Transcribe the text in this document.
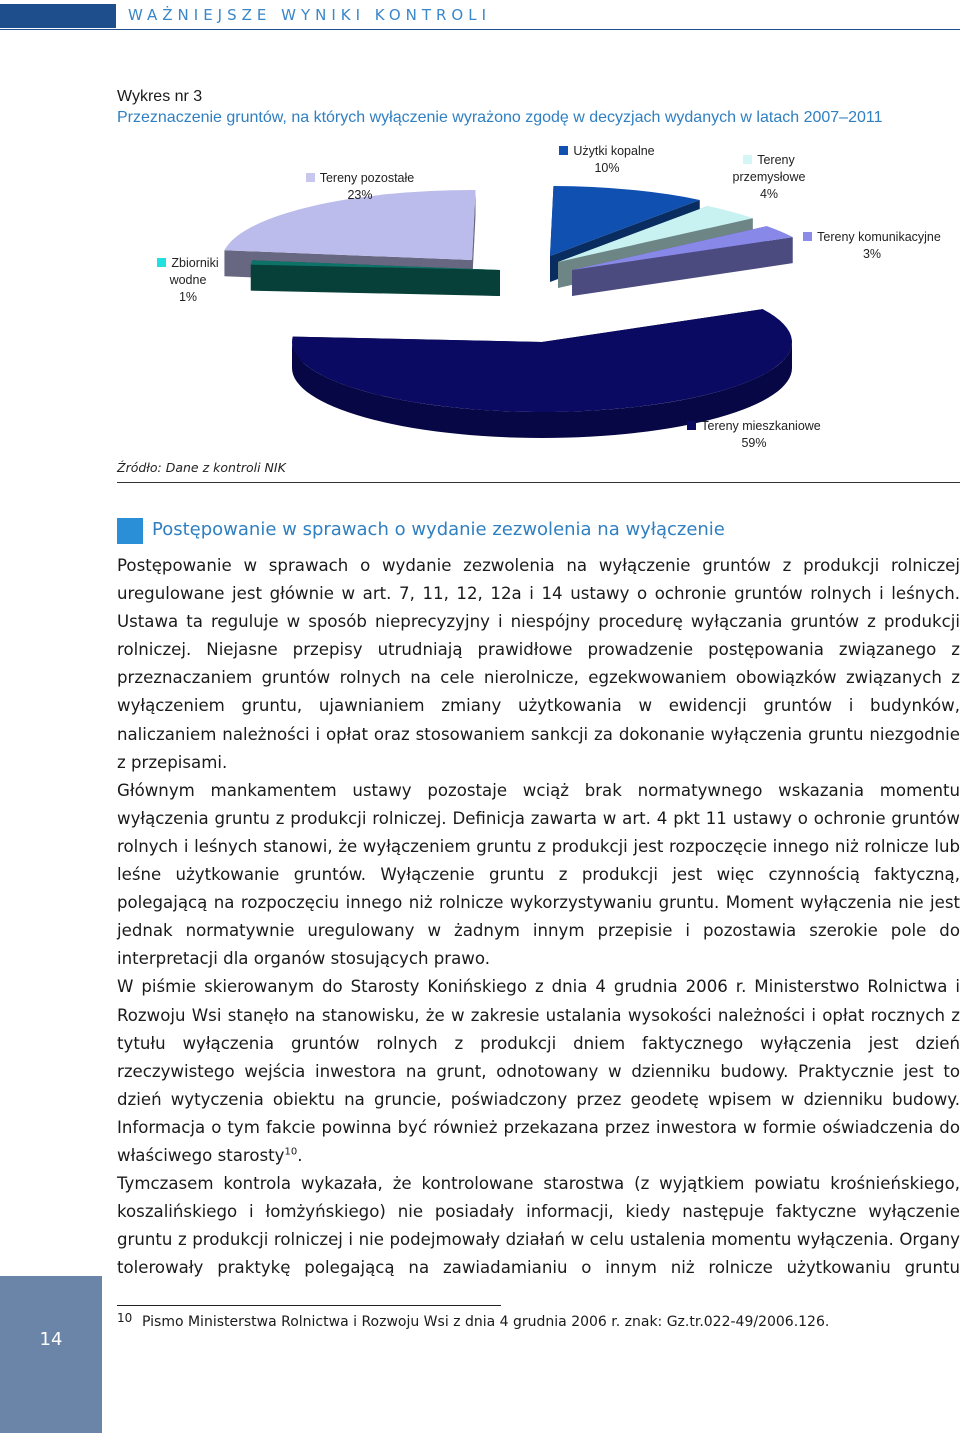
WAŻNIEJSZE WYNIKI KONTROLI
Wykres nr 3
Przeznaczenie gruntów, na których wyłączenie wyrażono zgodę w decyzjach wydanych w latach 2007–2011
Tereny pozostałe
23%
Użytki kopalne
10%
Tereny
przemysłowe
4%
Tereny komunikacyjne
3%
Zbiorniki
wodne
1%
Tereny mieszkaniowe
59%
Źródło: Dane z kontroli NIK
Postępowanie w sprawach o wydanie zezwolenia na wyłączenie

Postępowanie w sprawach o wydanie zezwolenia na wyłączenie gruntów z produkcji rolniczej uregulowane jest głównie w art. 7, 11, 12, 12a i 14 ustawy o ochronie gruntów rolnych i leśnych. Ustawa ta reguluje w sposób nieprecyzyjny i niespójny procedurę wyłączania gruntów z produkcji rolniczej. Niejasne przepisy utrudniają prawidłowe prowadzenie postępowania związanego z przeznaczaniem gruntów rolnych na cele nierolnicze, egzekwowaniem obowiązków związanych z wyłączeniem gruntu, ujawnianiem zmiany użytkowania w ewidencji gruntów i budynków, naliczaniem należności i opłat oraz stosowaniem sankcji za dokonanie wyłączenia gruntu niezgodnie z przepisami.

Głównym mankamentem ustawy pozostaje wciąż brak normatywnego wskazania momentu wyłączenia gruntu z produkcji rolniczej. Definicja zawarta w art. 4 pkt 11 ustawy o ochronie gruntów rolnych i leśnych stanowi, że wyłączeniem gruntu z produkcji jest rozpoczęcie innego niż rolnicze lub leśne użytkowanie gruntów. Wyłączenie gruntu z produkcji jest więc czynnością faktyczną, polegającą na rozpoczęciu innego niż rolnicze wykorzystywaniu gruntu. Moment wyłączenia nie jest jednak normatywnie uregulowany w żadnym innym przepisie i pozostawia szerokie pole do interpretacji dla organów stosujących prawo.

W piśmie skierowanym do Starosty Konińskiego z dnia 4 grudnia 2006 r. Ministerstwo Rolnictwa i Rozwoju Wsi stanęło na stanowisku, że w zakresie ustalania wysokości należności i opłat rocznych z tytułu wyłączenia gruntów rolnych z produkcji dniem faktycznego wyłączenia jest dzień rzeczywistego wejścia inwestora na grunt, odnotowany w dzienniku budowy. Praktycznie jest to dzień wytyczenia obiektu na gruncie, poświadczony przez geodetę wpisem w dzienniku budowy. Informacja o tym fakcie powinna być również przekazana przez inwestora w formie oświadczenia do właściwego starosty$^{10}$.

Tymczasem kontrola wykazała, że kontrolowane starostwa (z wyjątkiem powiatu krośnieńskiego, koszalińskiego i łomżyńskiego) nie posiadały informacji, kiedy następuje faktyczne wyłączenie gruntu z produkcji rolniczej i nie podejmowały działań w celu ustalenia momentu wyłączenia. Organy tolerowały praktykę polegającą na zawiadamianiu o innym niż rolnicze użytkowaniu gruntu

14
10 Pismo Ministerstwa Rolnictwa i Rozwoju Wsi z dnia 4 grudnia 2006 r. znak: Gz.tr.022-49/2006.126.
